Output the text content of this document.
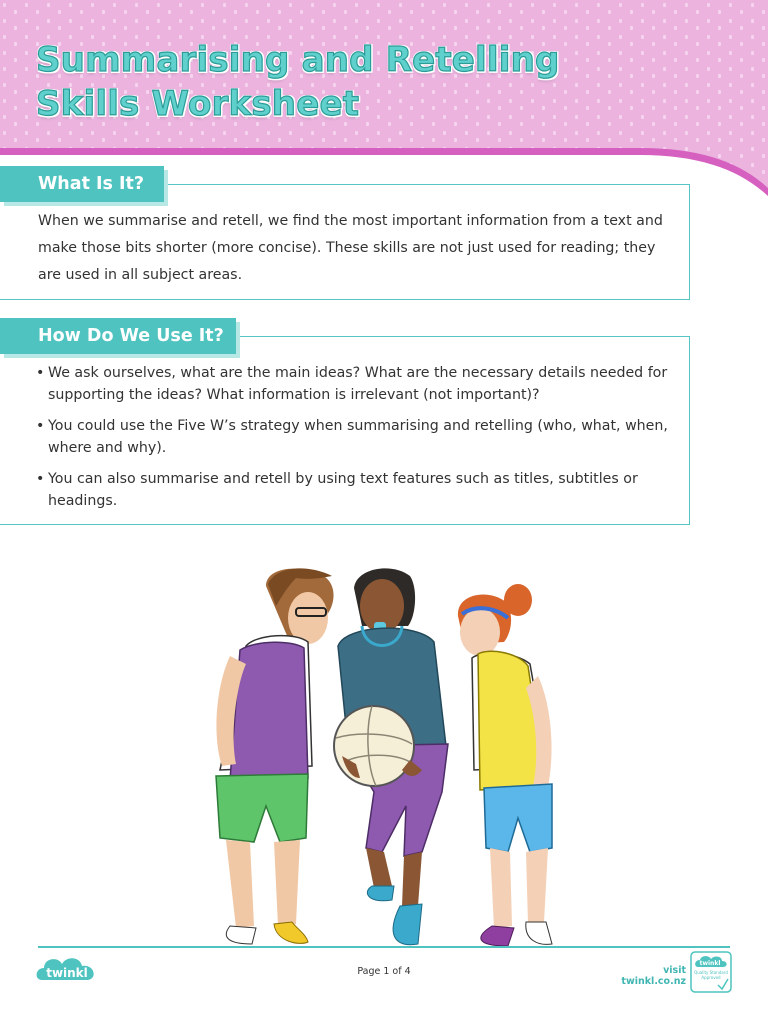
Summarising and Retelling
Skills Worksheet
What Is It?

When we summarise and retell, we find the most important information from a text and make those bits shorter (more concise). These skills are not just used for reading; they are used in all subject areas.

How Do We Use It?
• We ask ourselves, what are the main ideas? What are the necessary details needed for supporting the ideas? What information is irrelevant (not important)?
• You could use the Five W’s strategy when summarising and retelling (who, what, when, where and why).
• You can also summarise and retell by using text features such as titles, subtitles or headings.
twinkl	Page 1 of 4	visit twinkl.co.nz
twinkl
Quality Standard Approved
